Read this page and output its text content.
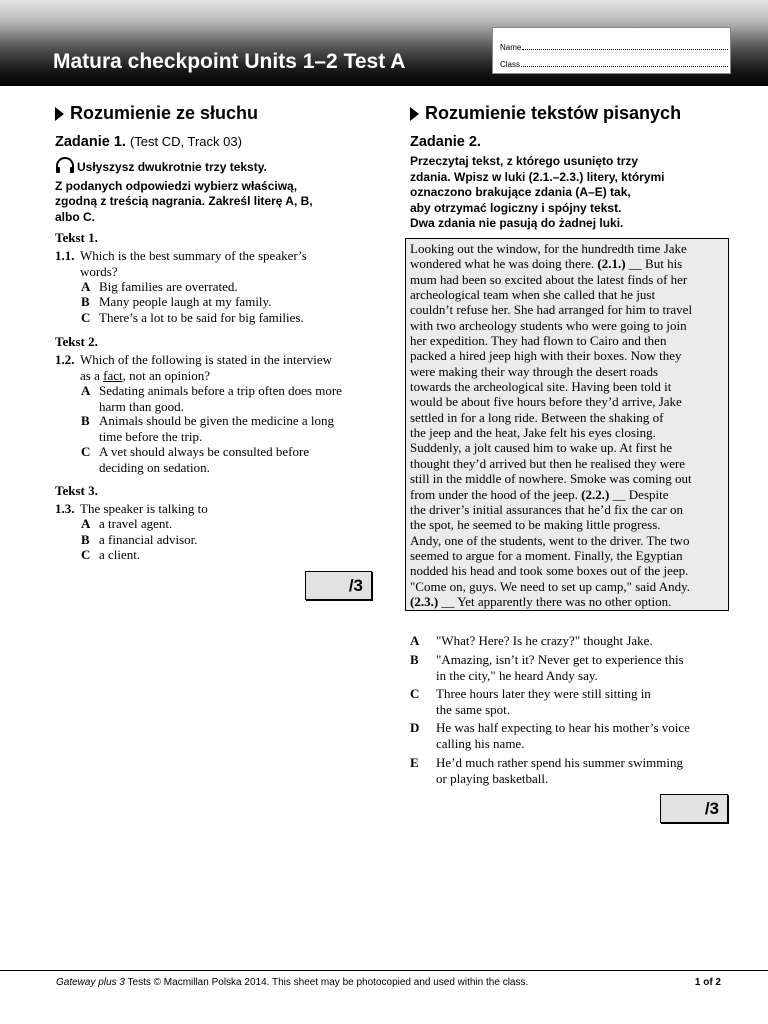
Matura checkpoint Units 1–2 Test A
Name
Class
Rozumienie ze słuchu
Zadanie 1. (Test CD, Track 03)
Usłyszysz dwukrotnie trzy teksty.
Z podanych odpowiedzi wybierz właściwą,
zgodną z treścią nagrania. Zakreśl literę A, B,
albo C.
Tekst 1.
1.1. Which is the best summary of the speaker’s
words?
A Big families are overrated.
B Many people laugh at my family.
C There’s a lot to be said for big families.
Tekst 2.
1.2. Which of the following is stated in the interview
as a fact, not an opinion?
A Sedating animals before a trip often does more
harm than good.
B Animals should be given the medicine a long
time before the trip.
C A vet should always be consulted before
deciding on sedation.
Tekst 3.
1.3. The speaker is talking to
A a travel agent.
B a financial advisor.
C a client.
/3
Rozumienie tekstów pisanych
Zadanie 2.
Przeczytaj tekst, z którego usunięto trzy
zdania. Wpisz w luki (2.1.–2.3.) litery, którymi
oznaczono brakujące zdania (A–E) tak,
aby otrzymać logiczny i spójny tekst.
Dwa zdania nie pasują do żadnej luki.
Looking out the window, for the hundredth time Jake
wondered what he was doing there. (2.1.) __ But his
mum had been so excited about the latest finds of her
archeological team when she called that he just
couldn’t refuse her. She had arranged for him to travel
with two archeology students who were going to join
her expedition. They had flown to Cairo and then
packed a hired jeep high with their boxes. Now they
were making their way through the desert roads
towards the archeological site. Having been told it
would be about five hours before they’d arrive, Jake
settled in for a long ride. Between the shaking of
the jeep and the heat, Jake felt his eyes closing.
Suddenly, a jolt caused him to wake up. At first he
thought they’d arrived but then he realised they were
still in the middle of nowhere. Smoke was coming out
from under the hood of the jeep. (2.2.) __ Despite
the driver’s initial assurances that he’d fix the car on
the spot, he seemed to be making little progress.
Andy, one of the students, went to the driver. The two
seemed to argue for a moment. Finally, the Egyptian
nodded his head and took some boxes out of the jeep.
"Come on, guys. We need to set up camp," said Andy.
(2.3.) __ Yet apparently there was no other option.
A "What? Here? Is he crazy?" thought Jake.
B "Amazing, isn’t it? Never get to experience this
in the city," he heard Andy say.
C Three hours later they were still sitting in
the same spot.
D He was half expecting to hear his mother’s voice
calling his name.
E He’d much rather spend his summer swimming
or playing basketball.
/3
Gateway plus 3 Tests © Macmillan Polska 2014. This sheet may be photocopied and used within the class.	1 of 2
